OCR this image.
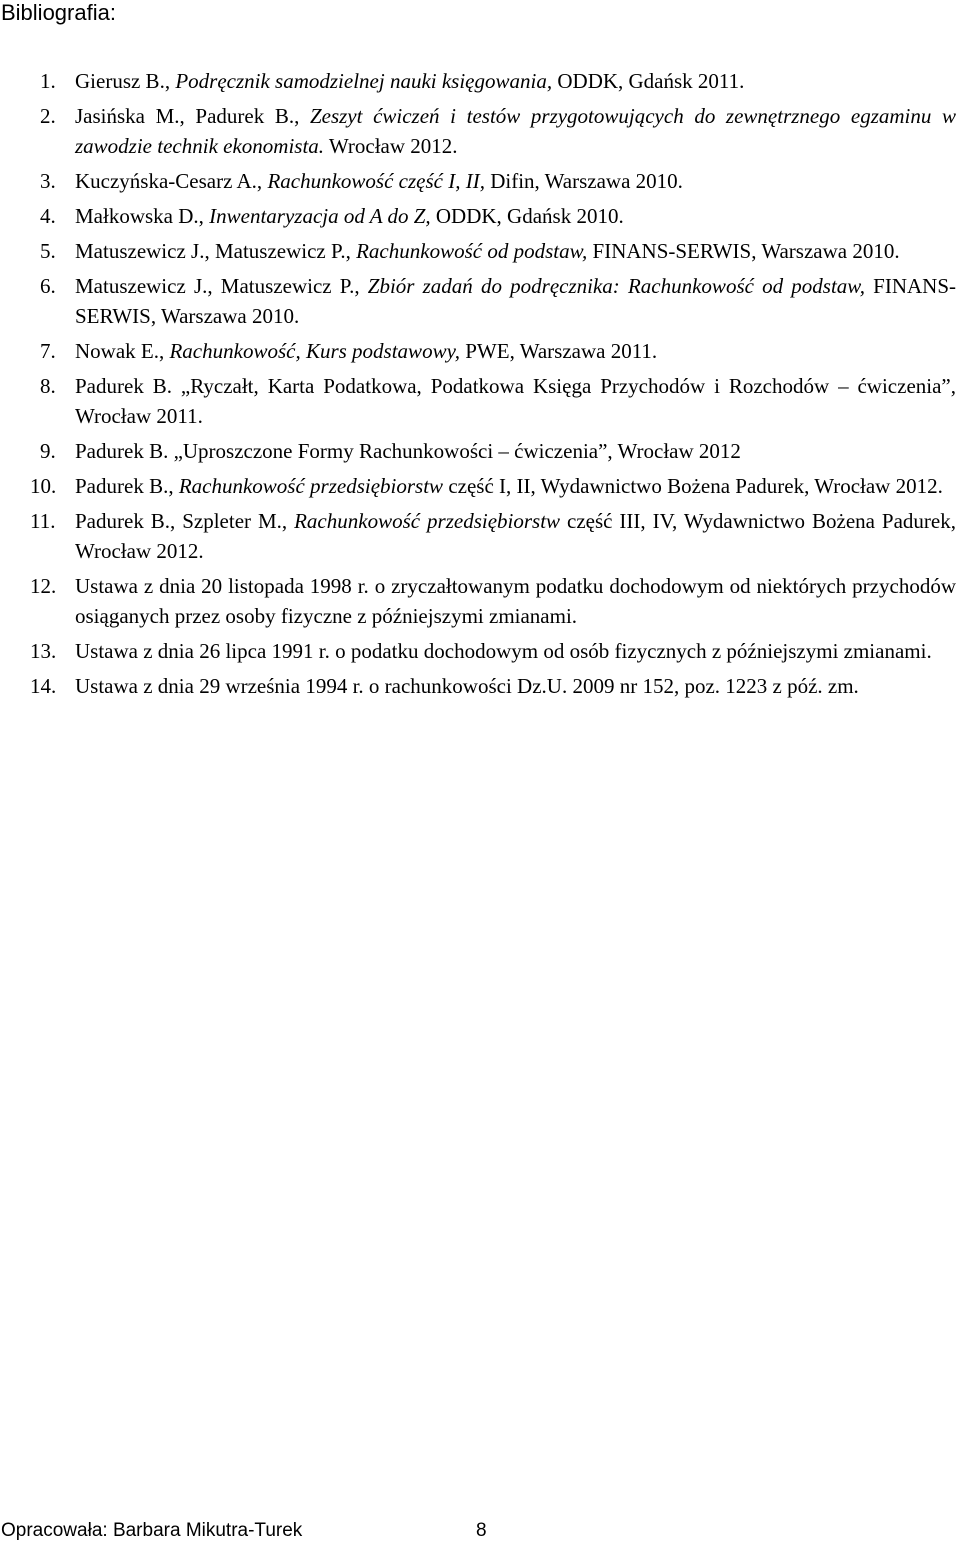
Bibliografia:
1. Gierusz B., Podręcznik samodzielnej nauki księgowania, ODDK, Gdańsk 2011.
2. Jasińska M., Padurek B., Zeszyt ćwiczeń i testów przygotowujących do zewnętrznego egzaminu w zawodzie technik ekonomista. Wrocław 2012.
3. Kuczyńska-Cesarz A., Rachunkowość część I, II, Difin, Warszawa 2010.
4. Małkowska D., Inwentaryzacja od A do Z, ODDK, Gdańsk 2010.
5. Matuszewicz J., Matuszewicz P., Rachunkowość od podstaw, FINANS-SERWIS, Warszawa 2010.
6. Matuszewicz J., Matuszewicz P., Zbiór zadań do podręcznika: Rachunkowość od podstaw, FINANS-SERWIS, Warszawa 2010.
7. Nowak E., Rachunkowość, Kurs podstawowy, PWE, Warszawa 2011.
8. Padurek B. „Ryczałt, Karta Podatkowa, Podatkowa Księga Przychodów i Rozchodów – ćwiczenia”, Wrocław 2011.
9. Padurek B. „Uproszczone Formy Rachunkowości – ćwiczenia”, Wrocław 2012
10. Padurek B., Rachunkowość przedsiębiorstw część I, II, Wydawnictwo Bożena Padurek, Wrocław 2012.
11. Padurek B., Szpleter M., Rachunkowość przedsiębiorstw część III, IV, Wydawnictwo Bożena Padurek, Wrocław 2012.
12. Ustawa z dnia 20 listopada 1998 r. o zryczałtowanym podatku dochodowym od niektórych przychodów osiąganych przez osoby fizyczne z późniejszymi zmianami.
13. Ustawa z dnia 26 lipca 1991 r. o podatku dochodowym od osób fizycznych z późniejszymi zmianami.
14. Ustawa z dnia 29 września 1994 r. o rachunkowości Dz.U. 2009 nr 152, poz. 1223 z póź. zm.
Opracowała: Barbara Mikutra-Turek	8
